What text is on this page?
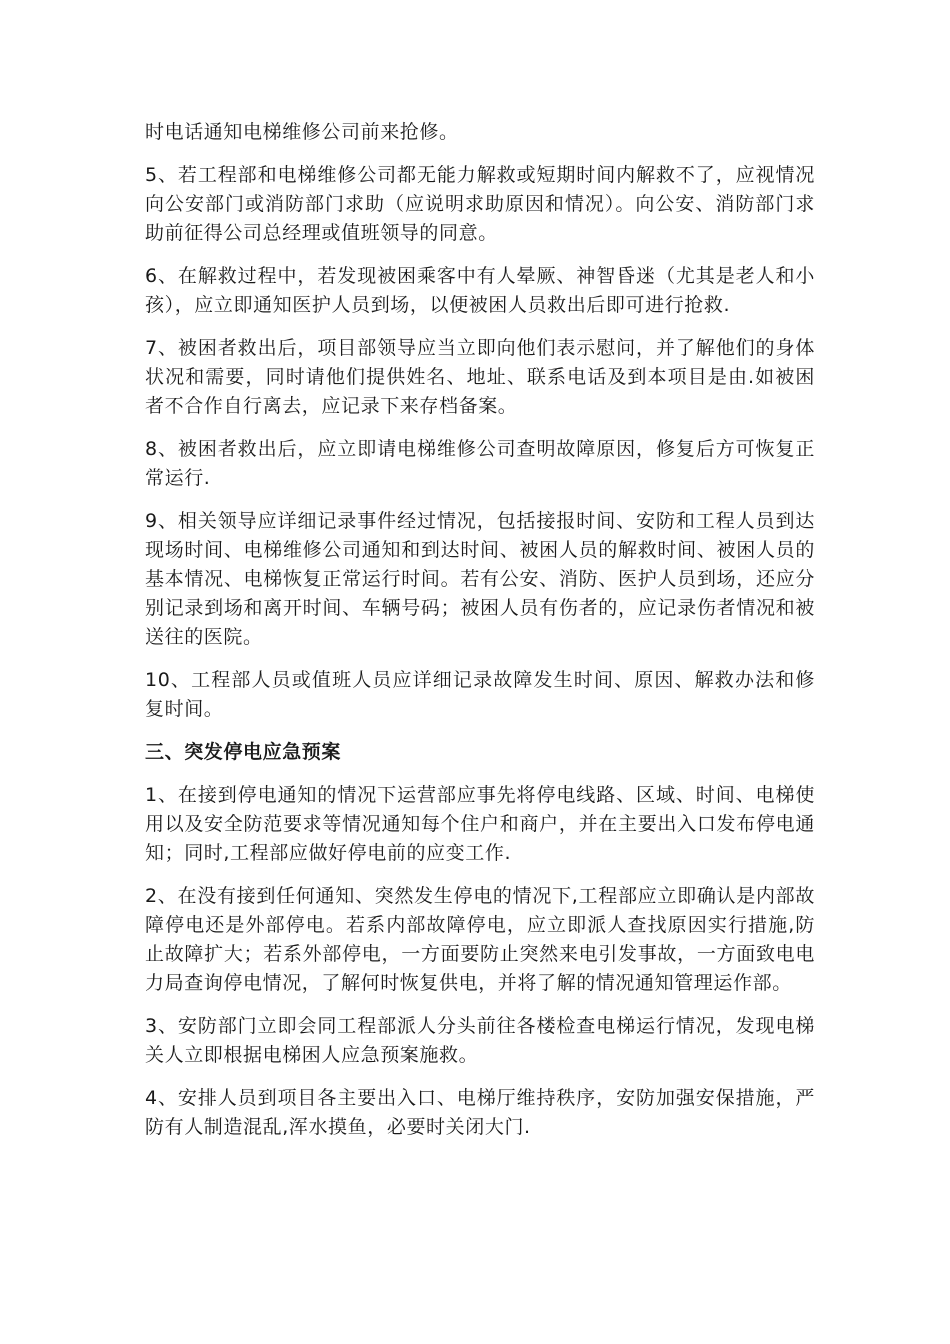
时电话通知电梯维修公司前来抢修。

5、若工程部和电梯维修公司都无能力解救或短期时间内解救不了，应视情况向公安部门或消防部门求助（应说明求助原因和情况）。向公安、消防部门求助前征得公司总经理或值班领导的同意。

6、在解救过程中，若发现被困乘客中有人晕厥、神智昏迷（尤其是老人和小孩），应立即通知医护人员到场，以便被困人员救出后即可进行抢救.

7、被困者救出后，项目部领导应当立即向他们表示慰问，并了解他们的身体状况和需要，同时请他们提供姓名、地址、联系电话及到本项目是由.如被困者不合作自行离去，应记录下来存档备案。

8、被困者救出后，应立即请电梯维修公司查明故障原因，修复后方可恢复正常运行.

9、相关领导应详细记录事件经过情况，包括接报时间、安防和工程人员到达现场时间、电梯维修公司通知和到达时间、被困人员的解救时间、被困人员的基本情况、电梯恢复正常运行时间。若有公安、消防、医护人员到场，还应分别记录到场和离开时间、车辆号码；被困人员有伤者的，应记录伤者情况和被送往的医院。

10、工程部人员或值班人员应详细记录故障发生时间、原因、解救办法和修复时间。

三、突发停电应急预案

1、在接到停电通知的情况下运营部应事先将停电线路、区域、时间、电梯使用以及安全防范要求等情况通知每个住户和商户，并在主要出入口发布停电通知；同时,工程部应做好停电前的应变工作.

2、在没有接到任何通知、突然发生停电的情况下,工程部应立即确认是内部故障停电还是外部停电。若系内部故障停电，应立即派人查找原因实行措施,防止故障扩大；若系外部停电，一方面要防止突然来电引发事故，一方面致电电力局查询停电情况，了解何时恢复供电，并将了解的情况通知管理运作部。

3、安防部门立即会同工程部派人分头前往各楼检查电梯运行情况，发现电梯关人立即根据电梯困人应急预案施救。

4、安排人员到项目各主要出入口、电梯厅维持秩序，安防加强安保措施，严防有人制造混乱,浑水摸鱼，必要时关闭大门.
